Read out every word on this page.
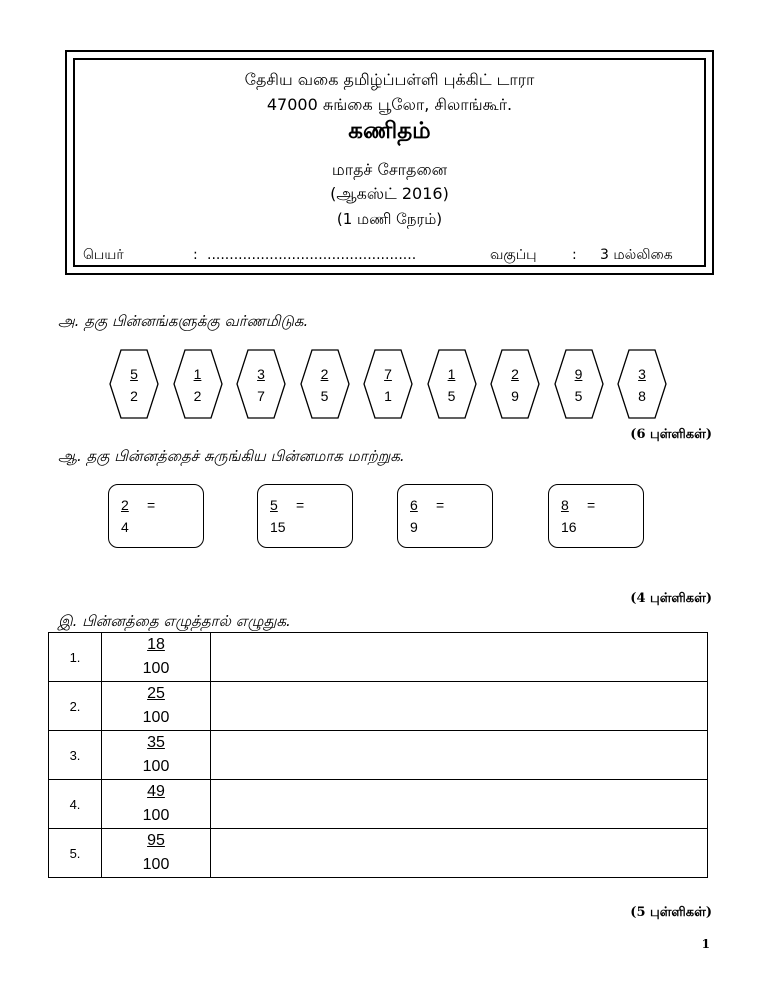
தேசிய வகை தமிழ்ப்பள்ளி புக்கிட் டாரா
47000 சுங்கை பூலோ, சிலாங்கூர்.
கணிதம்
மாதச் சோதனை
(ஆகஸ்ட் 2016)
(1 மணி நேரம்)
பெயர்	: ...............................................	வகுப்பு	: 3 மல்லிகை
அ. தகு பின்னங்களுக்கு வர்ணமிடுக.
$\frac{5}{2} \frac{1}{2} \frac{3}{7} \frac{2}{5} \frac{7}{1} \frac{1}{5} \frac{2}{9} \frac{9}{5} \frac{3}{8}$
(6 புள்ளிகள்)
ஆ. தகு பின்னத்தைச் சுருங்கிய பின்னமாக மாற்றுக.
2 =
4
5 =
15
6 =
9
8 =
16
(4 புள்ளிகள்)
இ. பின்னத்தை எழுத்தால் எழுதுக.
1.	18
100	

2.	25
100	

3.	35
100	

4.	49
100	

5.	95
100	

(5 புள்ளிகள்)
1
